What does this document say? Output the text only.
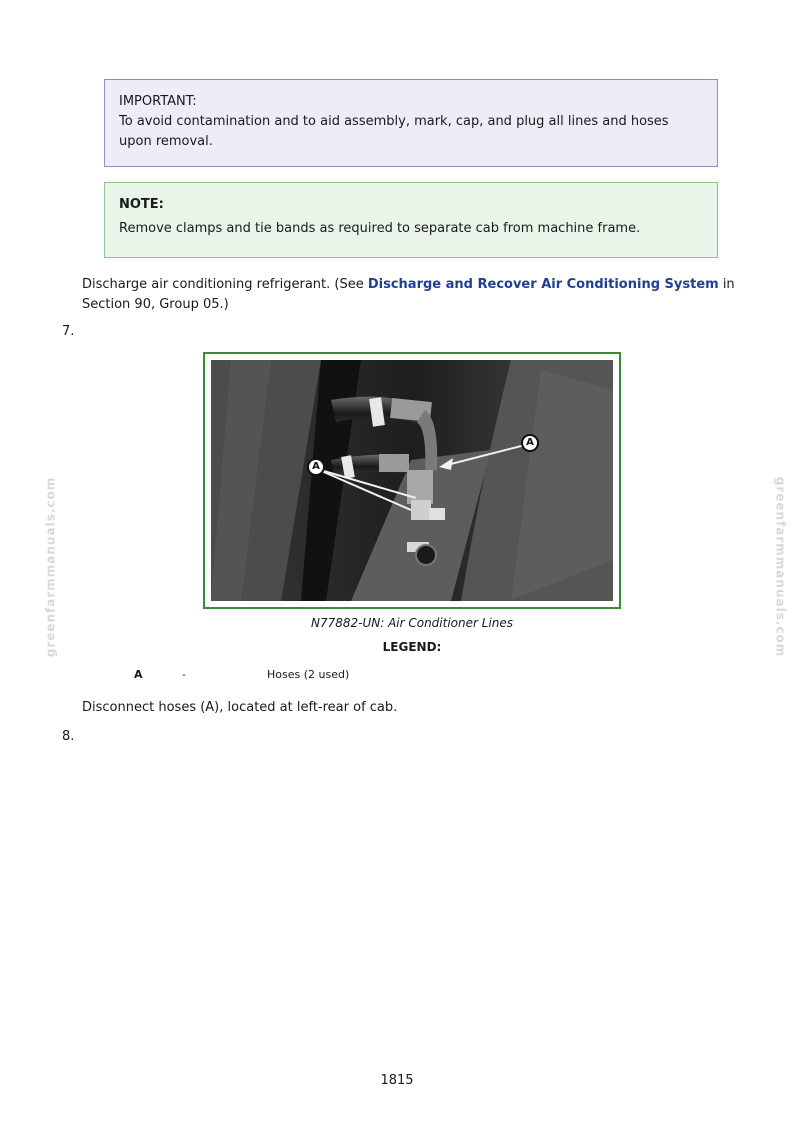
IMPORTANT:
To avoid contamination and to aid assembly, mark, cap, and plug all lines and hoses upon removal.
NOTE:
Remove clamps and tie bands as required to separate cab from machine frame.
Discharge air conditioning refrigerant. (See Discharge and Recover Air Conditioning System in Section 90, Group 05.)
7.
A
A
N77882-UN: Air Conditioner Lines
LEGEND:
A	-	Hoses (2 used)
Disconnect hoses (A), located at left-rear of cab.
8.
greenfarmmanuals.com	greenfarmmanuals.com
1815
